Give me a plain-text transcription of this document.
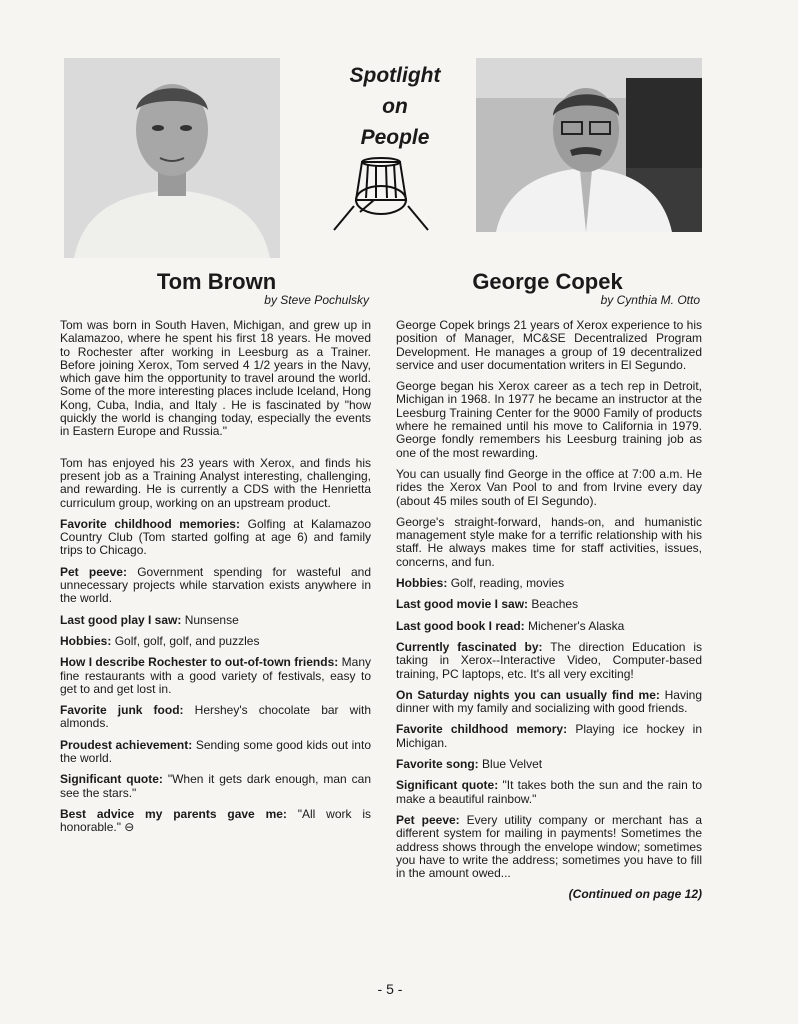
Spotlight
on
People
Tom Brown
by Steve Pochulsky
George Copek
by Cynthia M. Otto

Tom was born in South Haven, Michigan, and grew up in Kalamazoo, where he spent his first 18 years. He moved to Rochester after working in Leesburg as a Trainer. Before joining Xerox, Tom served 4 1/2 years in the Navy, which gave him the opportunity to travel around the world. Some of the more interesting places include Iceland, Hong Kong, Cuba, India, and Italy . He is fascinated by "how quickly the world is changing today, especially the events in Eastern Europe and Russia."

Tom has enjoyed his 23 years with Xerox, and finds his present job as a Training Analyst interesting, challenging, and rewarding. He is currently a CDS with the Henrietta curriculum group, working on an upstream product.

Favorite childhood memories: Golfing at Kalamazoo Country Club (Tom started golfing at age 6) and family trips to Chicago.

Pet peeve: Government spending for wasteful and unnecessary projects while starvation exists anywhere in the world.

Last good play I saw: Nunsense

Hobbies: Golf, golf, golf, and puzzles

How I describe Rochester to out-of-town friends: Many fine restaurants with a good variety of festivals, easy to get to and get lost in.

Favorite junk food: Hershey's chocolate bar with almonds.

Proudest achievement: Sending some good kids out into the world.

Significant quote: "When it gets dark enough, man can see the stars."

Best advice my parents gave me: "All work is honorable." ⊖

George Copek brings 21 years of Xerox experience to his position of Manager, MC&SE Decentralized Program Development. He manages a group of 19 decentralized service and user documentation writers in El Segundo.

George began his Xerox career as a tech rep in Detroit, Michigan in 1968. In 1977 he became an instructor at the Leesburg Training Center for the 9000 Family of products where he remained until his move to California in 1979. George fondly remembers his Leesburg training job as one of the most rewarding.

You can usually find George in the office at 7:00 a.m. He rides the Xerox Van Pool to and from Irvine every day (about 45 miles south of El Segundo).

George's straight-forward, hands-on, and humanistic management style make for a terrific relationship with his staff. He always makes time for staff activities, issues, concerns, and fun.

Hobbies: Golf, reading, movies

Last good movie I saw: Beaches

Last good book I read: Michener's Alaska

Currently fascinated by: The direction Education is taking in Xerox--Interactive Video, Computer-based training, PC laptops, etc. It's all very exciting!

On Saturday nights you can usually find me: Having dinner with my family and socializing with good friends.

Favorite childhood memory: Playing ice hockey in Michigan.

Favorite song: Blue Velvet

Significant quote: "It takes both the sun and the rain to make a beautiful rainbow."

Pet peeve: Every utility company or merchant has a different system for mailing in payments! Sometimes the address shows through the envelope window; sometimes you have to write the address; sometimes you have to fill in the amount owed...

(Continued on page 12)

- 5 -
